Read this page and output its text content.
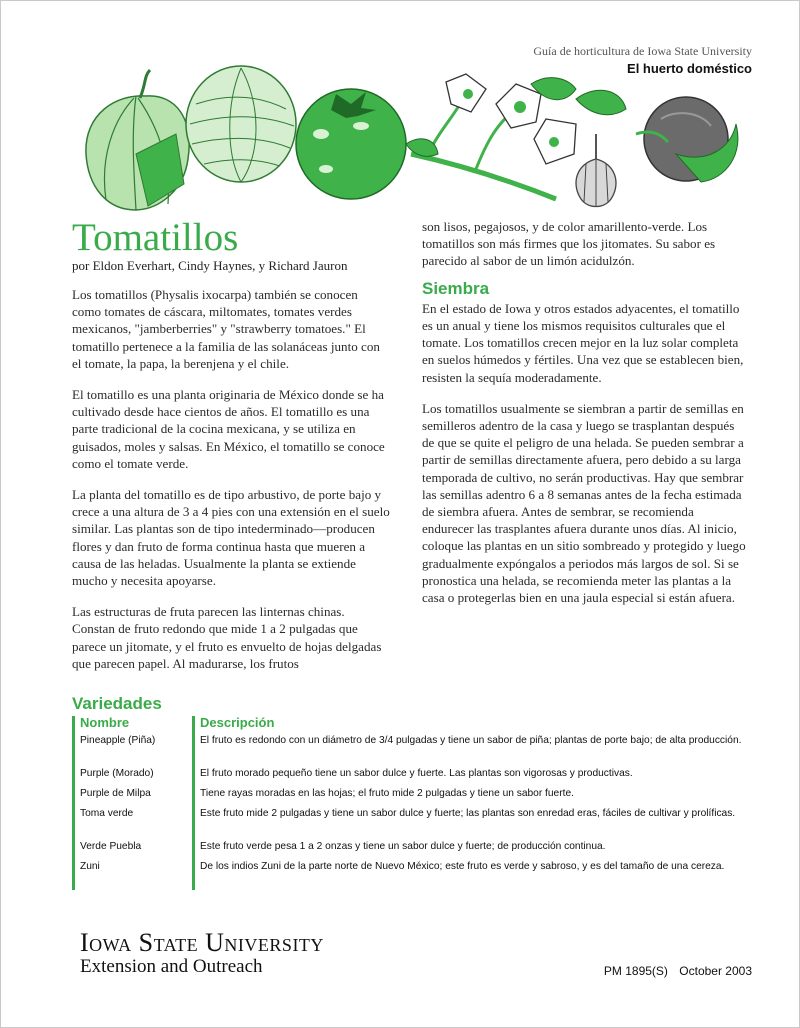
Guía de horticultura de Iowa State University
El huerto doméstico
Tomatillos
por Eldon Everhart, Cindy Haynes, y Richard Jauron

Los tomatillos (Physalis ixocarpa) también se conocen como tomates de cáscara, miltomates, tomates verdes mexicanos, "jamberberries" y "strawberry tomatoes." El tomatillo pertenece a la familia de las solanáceas junto con el tomate, la papa, la berenjena y el chile.

El tomatillo es una planta originaria de México donde se ha cultivado desde hace cientos de años. El tomatillo es una parte tradicional de la cocina mexicana, y se utiliza en guisados, moles y salsas. En México, el tomatillo se conoce como el tomate verde.

La planta del tomatillo es de tipo arbustivo, de porte bajo y crece a una altura de 3 a 4 pies con una extensión en el suelo similar. Las plantas son de tipo intederminado—producen flores y dan fruto de forma continua hasta que mueren a causa de las heladas. Usualmente la planta se extiende mucho y necesita apoyarse.

Las estructuras de fruta parecen las linternas chinas. Constan de fruto redondo que mide 1 a 2 pulgadas que parece un jitomate, y el fruto es envuelto de hojas delgadas que parecen papel. Al madurarse, los frutos

son lisos, pegajosos, y de color amarillento-verde. Los tomatillos son más firmes que los jitomates. Su sabor es parecido al sabor de un limón acidulzón.

Siembra

En el estado de Iowa y otros estados adyacentes, el tomatillo es un anual y tiene los mismos requisitos culturales que el tomate. Los tomatillos crecen mejor en la luz solar completa en suelos húmedos y fértiles. Una vez que se establecen bien, resisten la sequía moderadamente.

Los tomatillos usualmente se siembran a partir de semillas en semilleros adentro de la casa y luego se trasplantan después de que se quite el peligro de una helada. Se pueden sembrar a partir de semillas directamente afuera, pero debido a su larga temporada de cultivo, no serán productivas. Hay que sembrar las semillas adentro 6 a 8 semanas antes de la fecha estimada de siembra afuera. Antes de sembrar, se recomienda endurecer las trasplantes afuera durante unos días. Al inicio, coloque las plantas en un sitio sombreado y protegido y luego gradualmente expóngalos a periodos más largos de sol. Si se pronostica una helada, se recomienda meter las plantas a la casa o protegerlas bien en una jaula especial si están afuera.

Variedades
Nombre	Descripción
Pineapple (Piña)	El fruto es redondo con un diámetro de 3/4 pulgadas y tiene un sabor de piña; plantas de porte bajo; de alta producción.
Purple (Morado)	El fruto morado pequeño tiene un sabor dulce y fuerte. Las plantas son vigorosas y productivas.
Purple de Milpa	Tiene rayas moradas en las hojas; el fruto mide 2 pulgadas y tiene un sabor fuerte.
Toma verde	Este fruto mide 2 pulgadas y tiene un sabor dulce y fuerte; las plantas son enredad eras, fáciles de cultivar y prolíficas.
Verde Puebla	Este fruto verde pesa 1 a 2 onzas y tiene un sabor dulce y fuerte; de producción continua.
Zuni	De los indios Zuni de la parte norte de Nuevo México; este fruto es verde y sabroso, y es del tamaño de una cereza.
Iowa State University
Extension and Outreach	PM 1895(S) October 2003
